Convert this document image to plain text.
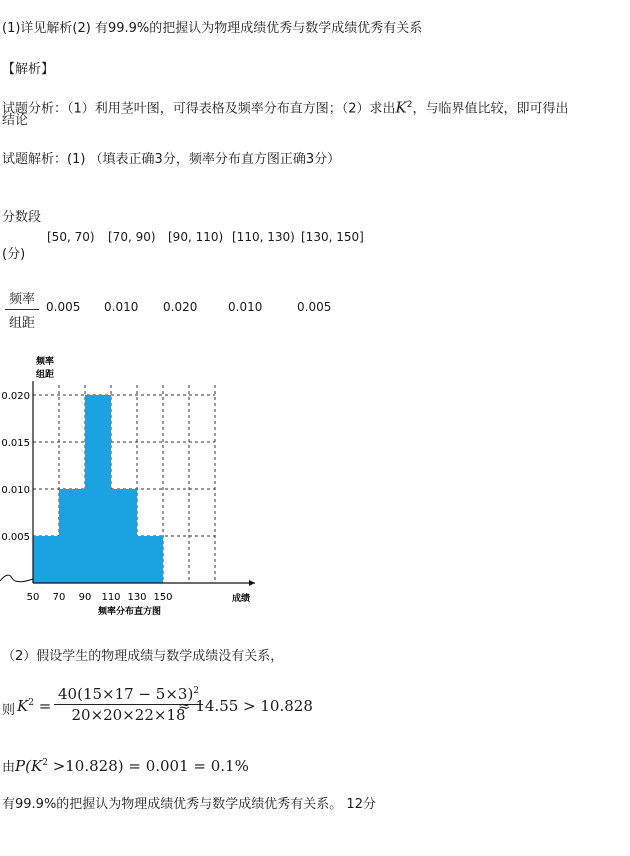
(1)详见解析(2) 有99.9%的把握认为物理成绩优秀与数学成绩优秀有关系
【解析】
试题分析：（1）利用茎叶图，可得表格及频率分布直方图；（2）求出$K^2$，与临界值比较，即可得出
结论
试题解析：(1) （填表正确3分，频率分布直方图正确3分）
分数段
(分)
[50, 70) [70, 90) [90, 110) [110, 130) [130, 150]
频率
组距
0.005 0.010 0.020	0.010	0.005
频率
组距
0.005
0.010
0.015
0.020
50 70 90 110 130 150	成绩
频率分布直方图
（2）假设学生的物理成绩与数学成绩没有关系，
则 $K^2$ =
$40(15\times 17 - 5\times 3)^2$
20×20×22×18
≈ 14.55 > 10.828
由$P(K^2 >10.828) = 0.001 = 0.1\%$
有99.9%的把握认为物理成绩优秀与数学成绩优秀有关系。 12分
